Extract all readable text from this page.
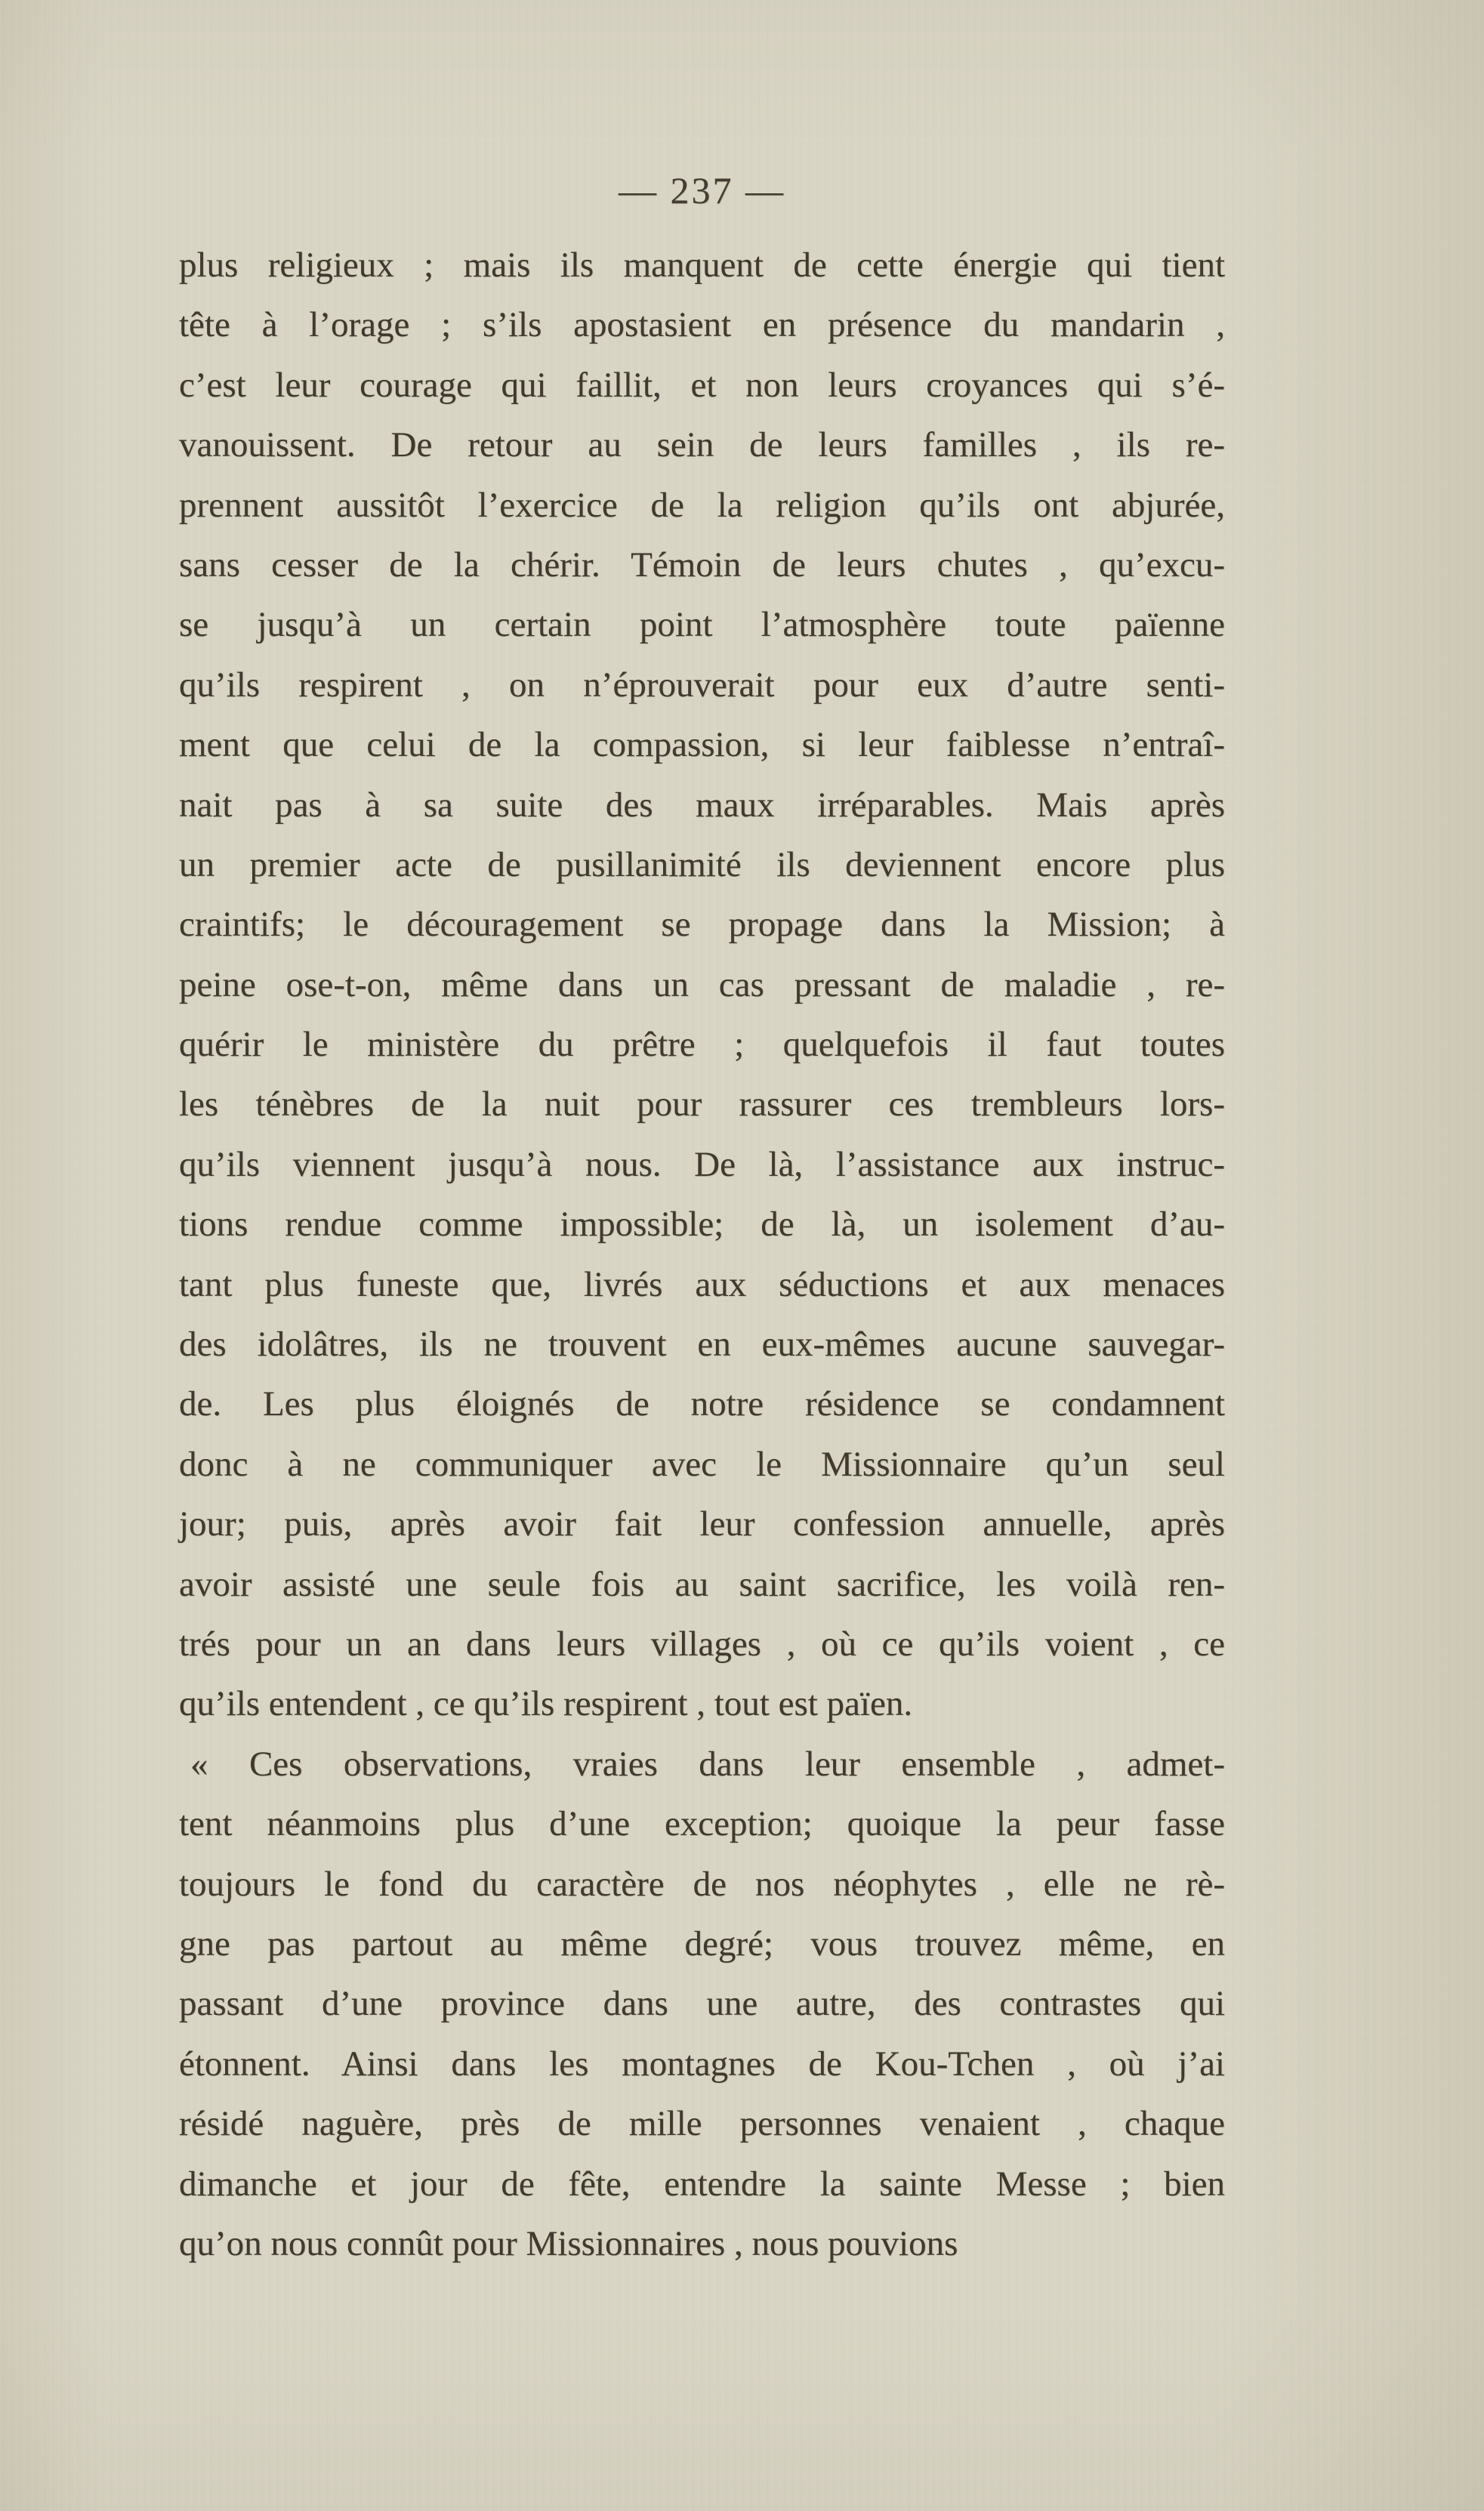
— 237 —
plus religieux ; mais ils manquent de cette énergie qui tient
tête à l’orage ; s’ils apostasient en présence du mandarin ,
c’est leur courage qui faillit, et non leurs croyances qui s’é-
vanouissent. De retour au sein de leurs familles , ils re-
prennent aussitôt l’exercice de la religion qu’ils ont abjurée,
sans cesser de la chérir. Témoin de leurs chutes , qu’excu-
se jusqu’à un certain point l’atmosphère toute païenne
qu’ils respirent , on n’éprouverait pour eux d’autre senti-
ment que celui de la compassion, si leur faiblesse n’entraî-
nait pas à sa suite des maux irréparables. Mais après
un premier acte de pusillanimité ils deviennent encore plus
craintifs; le découragement se propage dans la Mission; à
peine ose-t-on, même dans un cas pressant de maladie , re-
quérir le ministère du prêtre ; quelquefois il faut toutes
les ténèbres de la nuit pour rassurer ces trembleurs lors-
qu’ils viennent jusqu’à nous. De là, l’assistance aux instruc-
tions rendue comme impossible; de là, un isolement d’au-
tant plus funeste que, livrés aux séductions et aux menaces
des idolâtres, ils ne trouvent en eux-mêmes aucune sauvegar-
de. Les plus éloignés de notre résidence se condamnent
donc à ne communiquer avec le Missionnaire qu’un seul
jour; puis, après avoir fait leur confession annuelle, après
avoir assisté une seule fois au saint sacrifice, les voilà ren-
trés pour un an dans leurs villages , où ce qu’ils voient , ce
qu’ils entendent , ce qu’ils respirent , tout est païen.
« Ces observations, vraies dans leur ensemble , admet-
tent néanmoins plus d’une exception; quoique la peur fasse
toujours le fond du caractère de nos néophytes , elle ne rè-
gne pas partout au même degré; vous trouvez même, en
passant d’une province dans une autre, des contrastes qui
étonnent. Ainsi dans les montagnes de Kou-Tchen , où j’ai
résidé naguère, près de mille personnes venaient , chaque
dimanche et jour de fête, entendre la sainte Messe ; bien
qu’on nous connût pour Missionnaires , nous pouvions
